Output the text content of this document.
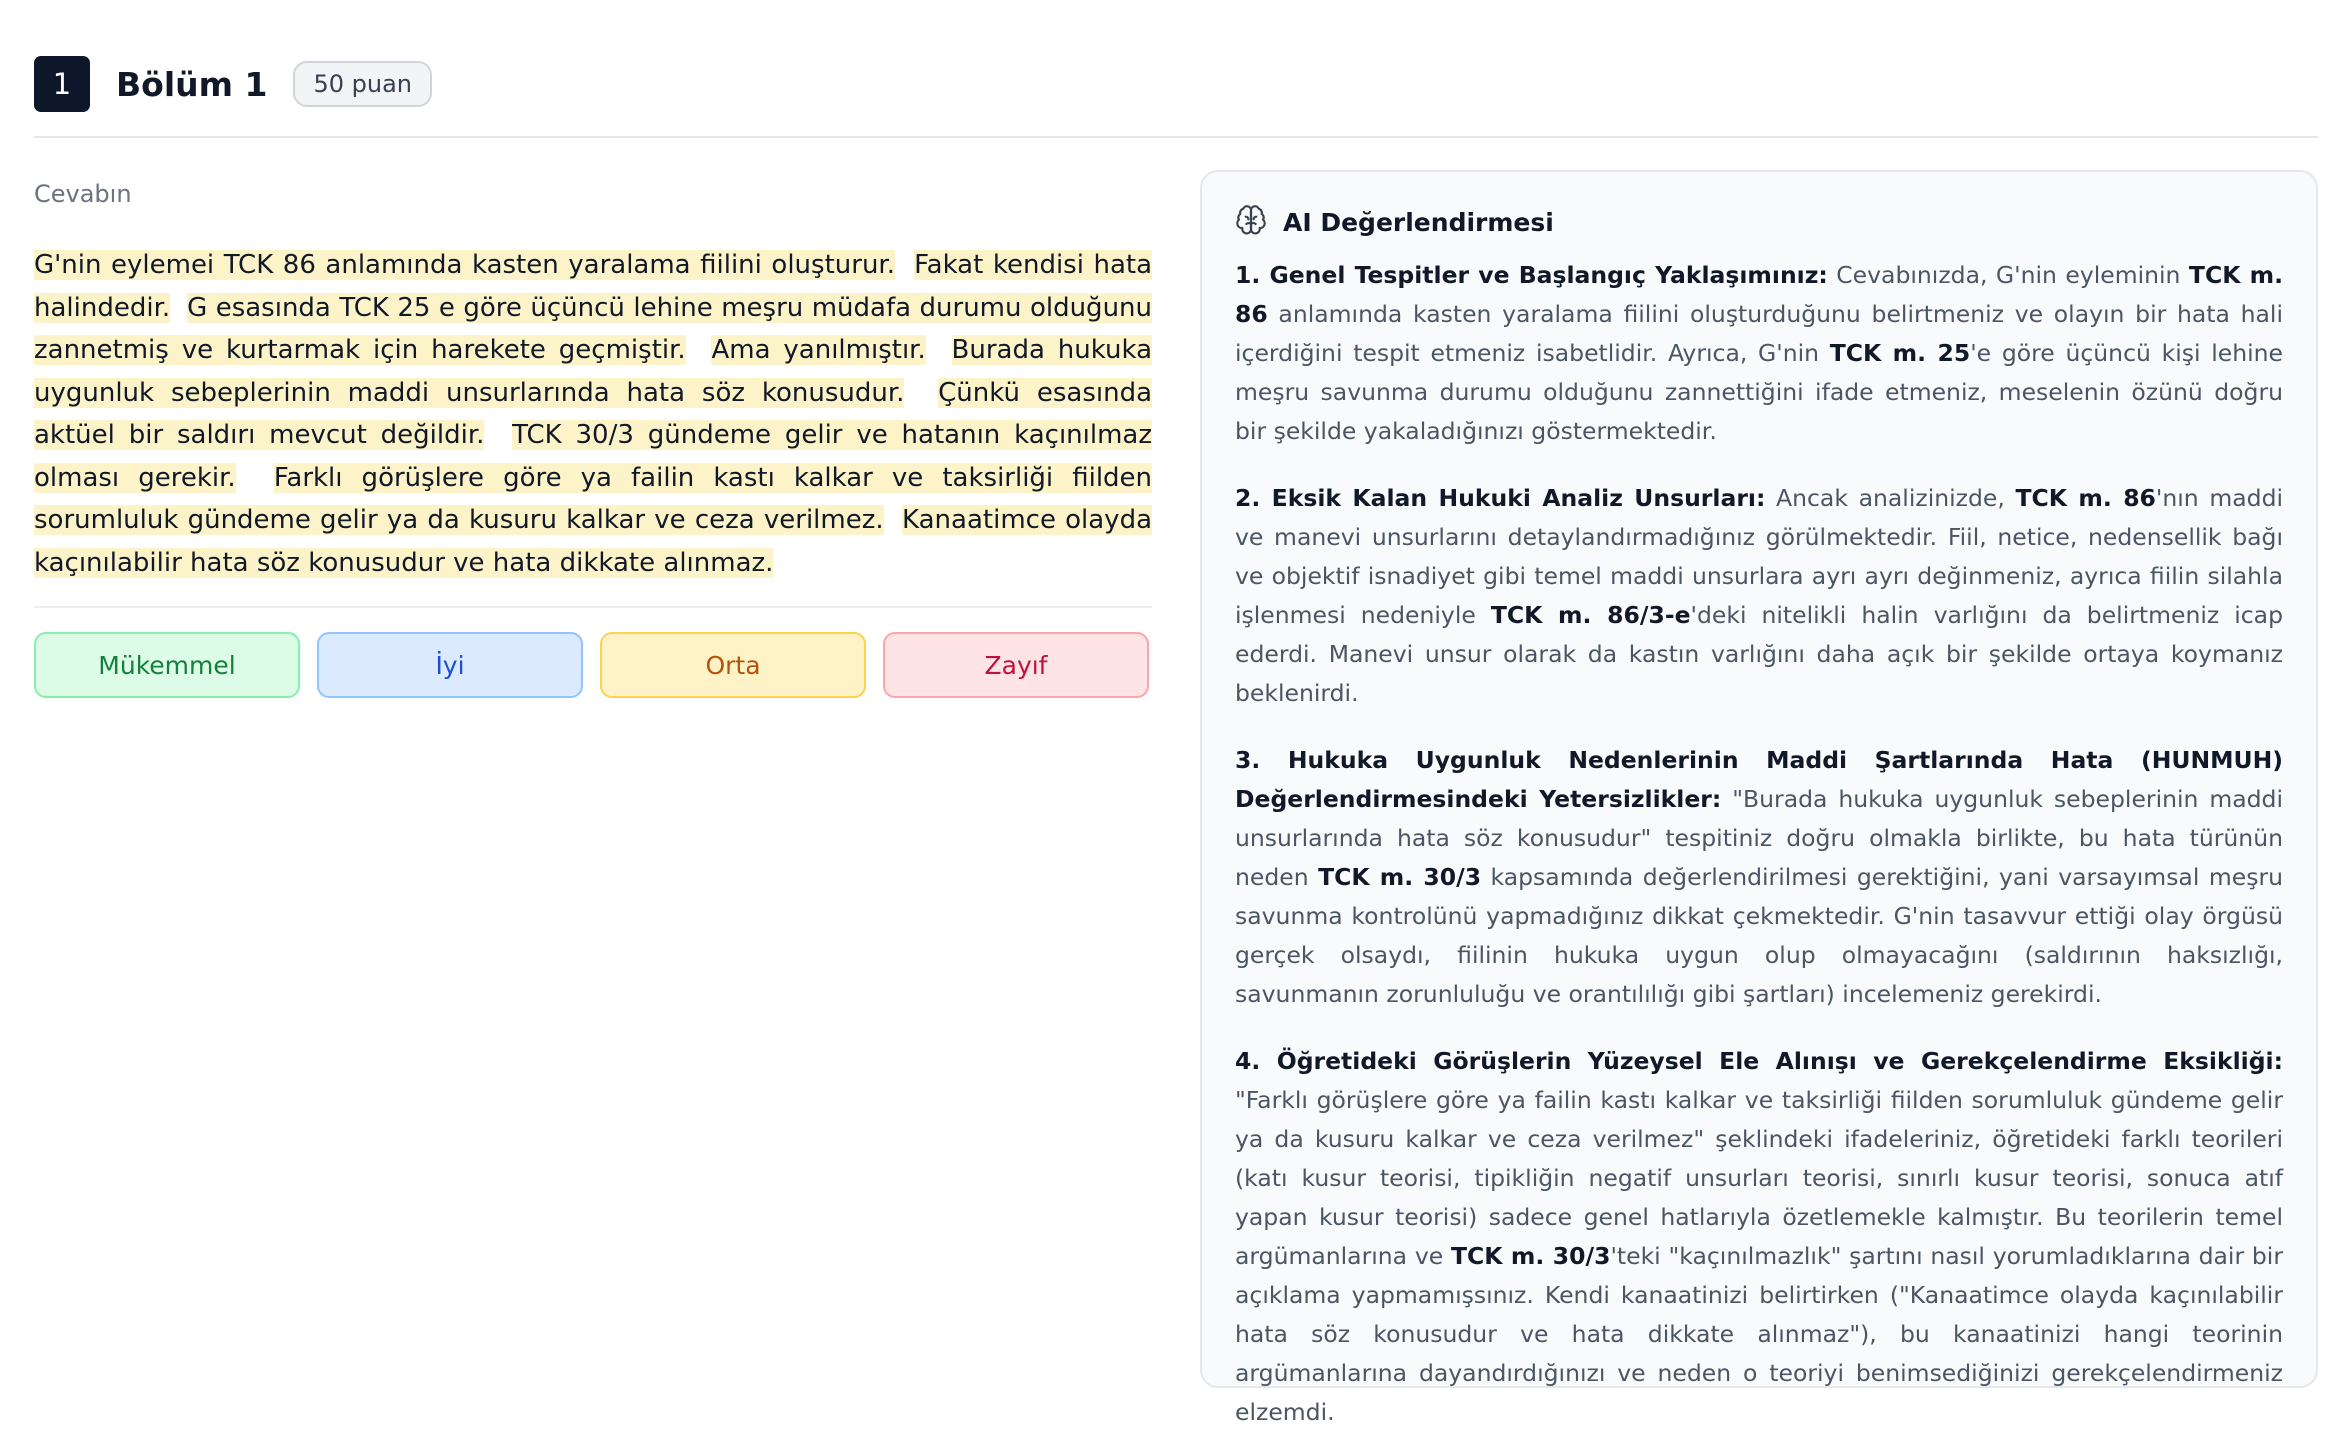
1	Bölüm 1	50 puan
Cevabın
G'nin eylemei TCK 86 anlamında kasten yaralama fiilini oluşturur. Fakat kendisi hata halindedir. G esasında TCK 25 e göre üçüncü lehine meşru müdafa durumu olduğunu zannetmiş ve kurtarmak için harekete geçmiştir. Ama yanılmıştır. Burada hukuka uygunluk sebeplerinin maddi unsurlarında hata söz konusudur. Çünkü esasında aktüel bir saldırı mevcut değildir. TCK 30/3 gündeme gelir ve hatanın kaçınılmaz olması gerekir. Farklı görüşlere göre ya failin kastı kalkar ve taksirliği fiilden sorumluluk gündeme gelir ya da kusuru kalkar ve ceza verilmez. Kanaatimce olayda kaçınılabilir hata söz konusudur ve hata dikkate alınmaz.
Mükemmel	İyi	Orta	Zayıf
AI Değerlendirmesi

1. Genel Tespitler ve Başlangıç Yaklaşımınız: Cevabınızda, G'nin eyleminin TCK m. 86 anlamında kasten yaralama fiilini oluşturduğunu belirtmeniz ve olayın bir hata hali içerdiğini tespit etmeniz isabetlidir. Ayrıca, G'nin TCK m. 25'e göre üçüncü kişi lehine meşru savunma durumu olduğunu zannettiğini ifade etmeniz, meselenin özünü doğru bir şekilde yakaladığınızı göstermektedir.

2. Eksik Kalan Hukuki Analiz Unsurları: Ancak analizinizde, TCK m. 86'nın maddi ve manevi unsurlarını detaylandırmadığınız görülmektedir. Fiil, netice, nedensellik bağı ve objektif isnadiyet gibi temel maddi unsurlara ayrı ayrı değinmeniz, ayrıca fiilin silahla işlenmesi nedeniyle TCK m. 86/3-e'deki nitelikli halin varlığını da belirtmeniz icap ederdi. Manevi unsur olarak da kastın varlığını daha açık bir şekilde ortaya koymanız beklenirdi.

3. Hukuka Uygunluk Nedenlerinin Maddi Şartlarında Hata (HUNMUH) Değerlendirmesindeki Yetersizlikler: "Burada hukuka uygunluk sebeplerinin maddi unsurlarında hata söz konusudur" tespitiniz doğru olmakla birlikte, bu hata türünün neden TCK m. 30/3 kapsamında değerlendirilmesi gerektiğini, yani varsayımsal meşru savunma kontrolünü yapmadığınız dikkat çekmektedir. G'nin tasavvur ettiği olay örgüsü gerçek olsaydı, fiilinin hukuka uygun olup olmayacağını (saldırının haksızlığı, savunmanın zorunluluğu ve orantılılığı gibi şartları) incelemeniz gerekirdi.

4. Öğretideki Görüşlerin Yüzeysel Ele Alınışı ve Gerekçelendirme Eksikliği: "Farklı görüşlere göre ya failin kastı kalkar ve taksirliği fiilden sorumluluk gündeme gelir ya da kusuru kalkar ve ceza verilmez" şeklindeki ifadeleriniz, öğretideki farklı teorileri (katı kusur teorisi, tipikliğin negatif unsurları teorisi, sınırlı kusur teorisi, sonuca atıf yapan kusur teorisi) sadece genel hatlarıyla özetlemekle kalmıştır. Bu teorilerin temel argümanlarına ve TCK m. 30/3'teki "kaçınılmazlık" şartını nasıl yorumladıklarına dair bir açıklama yapmamışsınız. Kendi kanaatinizi belirtirken ("Kanaatimce olayda kaçınılabilir hata söz konusudur ve hata dikkate alınmaz"), bu kanaatinizi hangi teorinin argümanlarına dayandırdığınızı ve neden o teoriyi benimsediğinizi gerekçelendirmeniz elzemdi.
